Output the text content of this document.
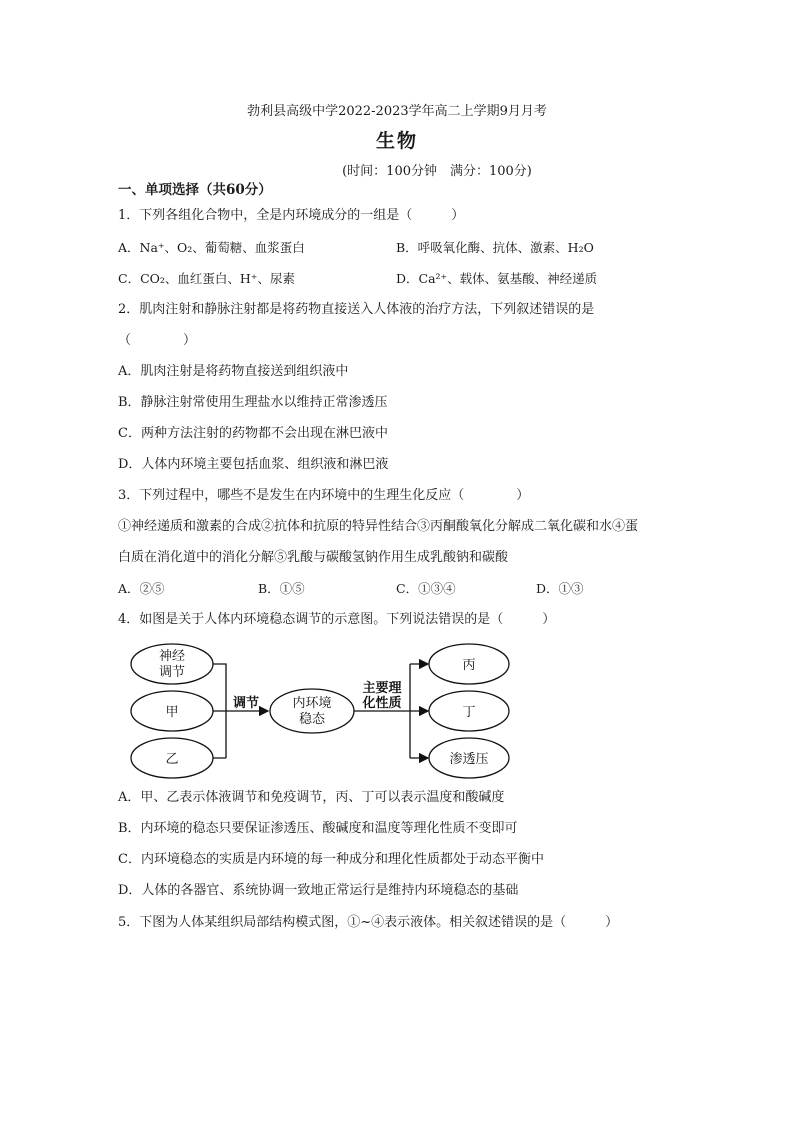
勃利县高级中学2022-2023学年高二上学期9月月考
生物
(时间：100分钟　满分：100分)
一、单项选择（共60分）
1．下列各组化合物中，全是内环境成分的一组是（　　　）
A．Na⁺、O₂、葡萄糖、血浆蛋白	B．呼吸氧化酶、抗体、激素、H₂O
C．CO₂、血红蛋白、H⁺、尿素	D．Ca²⁺、载体、氨基酸、神经递质
2．肌肉注射和静脉注射都是将药物直接送入人体液的治疗方法，下列叙述错误的是
（　　　　）
A．肌肉注射是将药物直接送到组织液中
B．静脉注射常使用生理盐水以维持正常渗透压
C．两种方法注射的药物都不会出现在淋巴液中
D．人体内环境主要包括血浆、组织液和淋巴液
3．下列过程中，哪些不是发生在内环境中的生理生化反应（　　　　）
①神经递质和激素的合成②抗体和抗原的特异性结合③丙酮酸氧化分解成二氧化碳和水④蛋
白质在消化道中的消化分解⑤乳酸与碳酸氢钠作用生成乳酸钠和碳酸
A．②⑤	B．①⑤	C．①③④	D．①③
4．如图是关于人体内环境稳态调节的示意图。下列说法错误的是（　　　）
神经
调节
甲
乙
调节	内环境
稳态
主要理
化性质
丙
丁
渗透压
A．甲、乙表示体液调节和免疫调节，丙、丁可以表示温度和酸碱度
B．内环境的稳态只要保证渗透压、酸碱度和温度等理化性质不变即可
C．内环境稳态的实质是内环境的每一种成分和理化性质都处于动态平衡中
D．人体的各器官、系统协调一致地正常运行是维持内环境稳态的基础
5．下图为人体某组织局部结构模式图，①~④表示液体。相关叙述错误的是（　　　）
